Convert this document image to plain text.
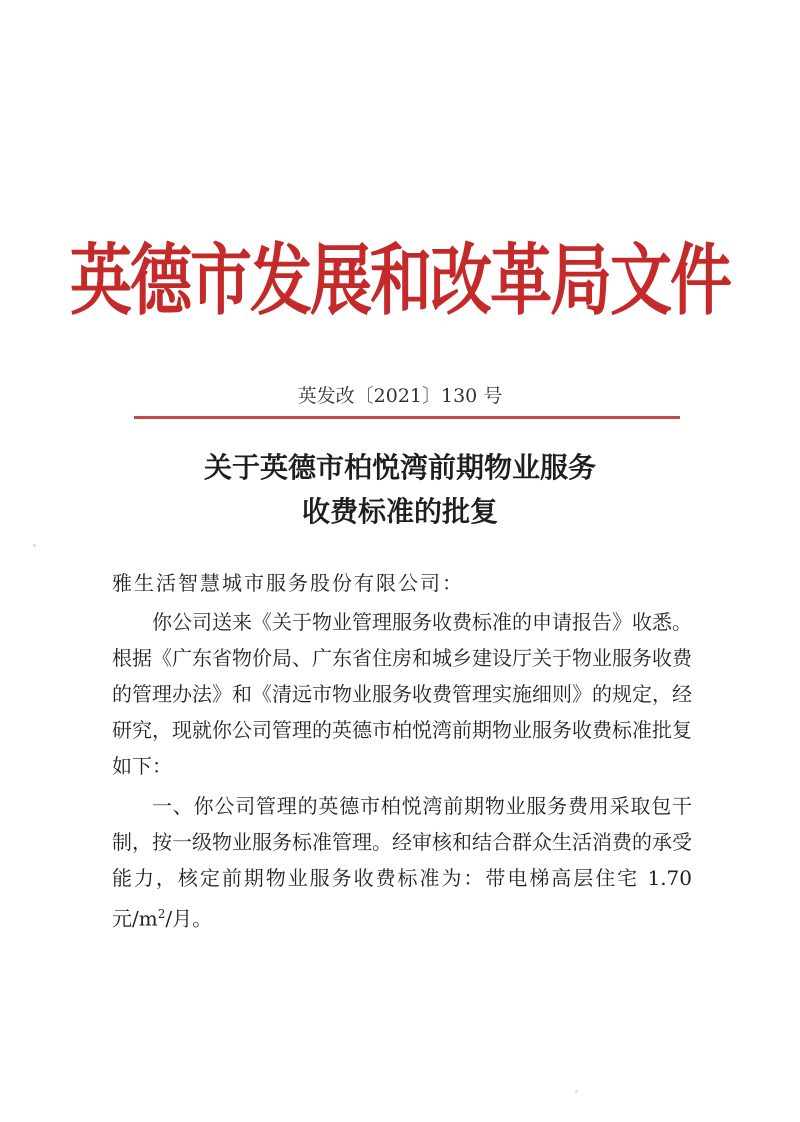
英德市发展和改革局文件
英发改〔2021〕130 号
关于英德市柏悦湾前期物业服务
收费标准的批复
雅生活智慧城市服务股份有限公司：

你公司送来《关于物业管理服务收费标准的申请报告》收悉。根据《广东省物价局、广东省住房和城乡建设厅关于物业服务收费的管理办法》和《清远市物业服务收费管理实施细则》的规定，经研究，现就你公司管理的英德市柏悦湾前期物业服务收费标准批复如下：

一、你公司管理的英德市柏悦湾前期物业服务费用采取包干制，按一级物业服务标准管理。经审核和结合群众生活消费的承受能力，核定前期物业服务收费标准为：带电梯高层住宅 1.70 元$/m^2/$月。
